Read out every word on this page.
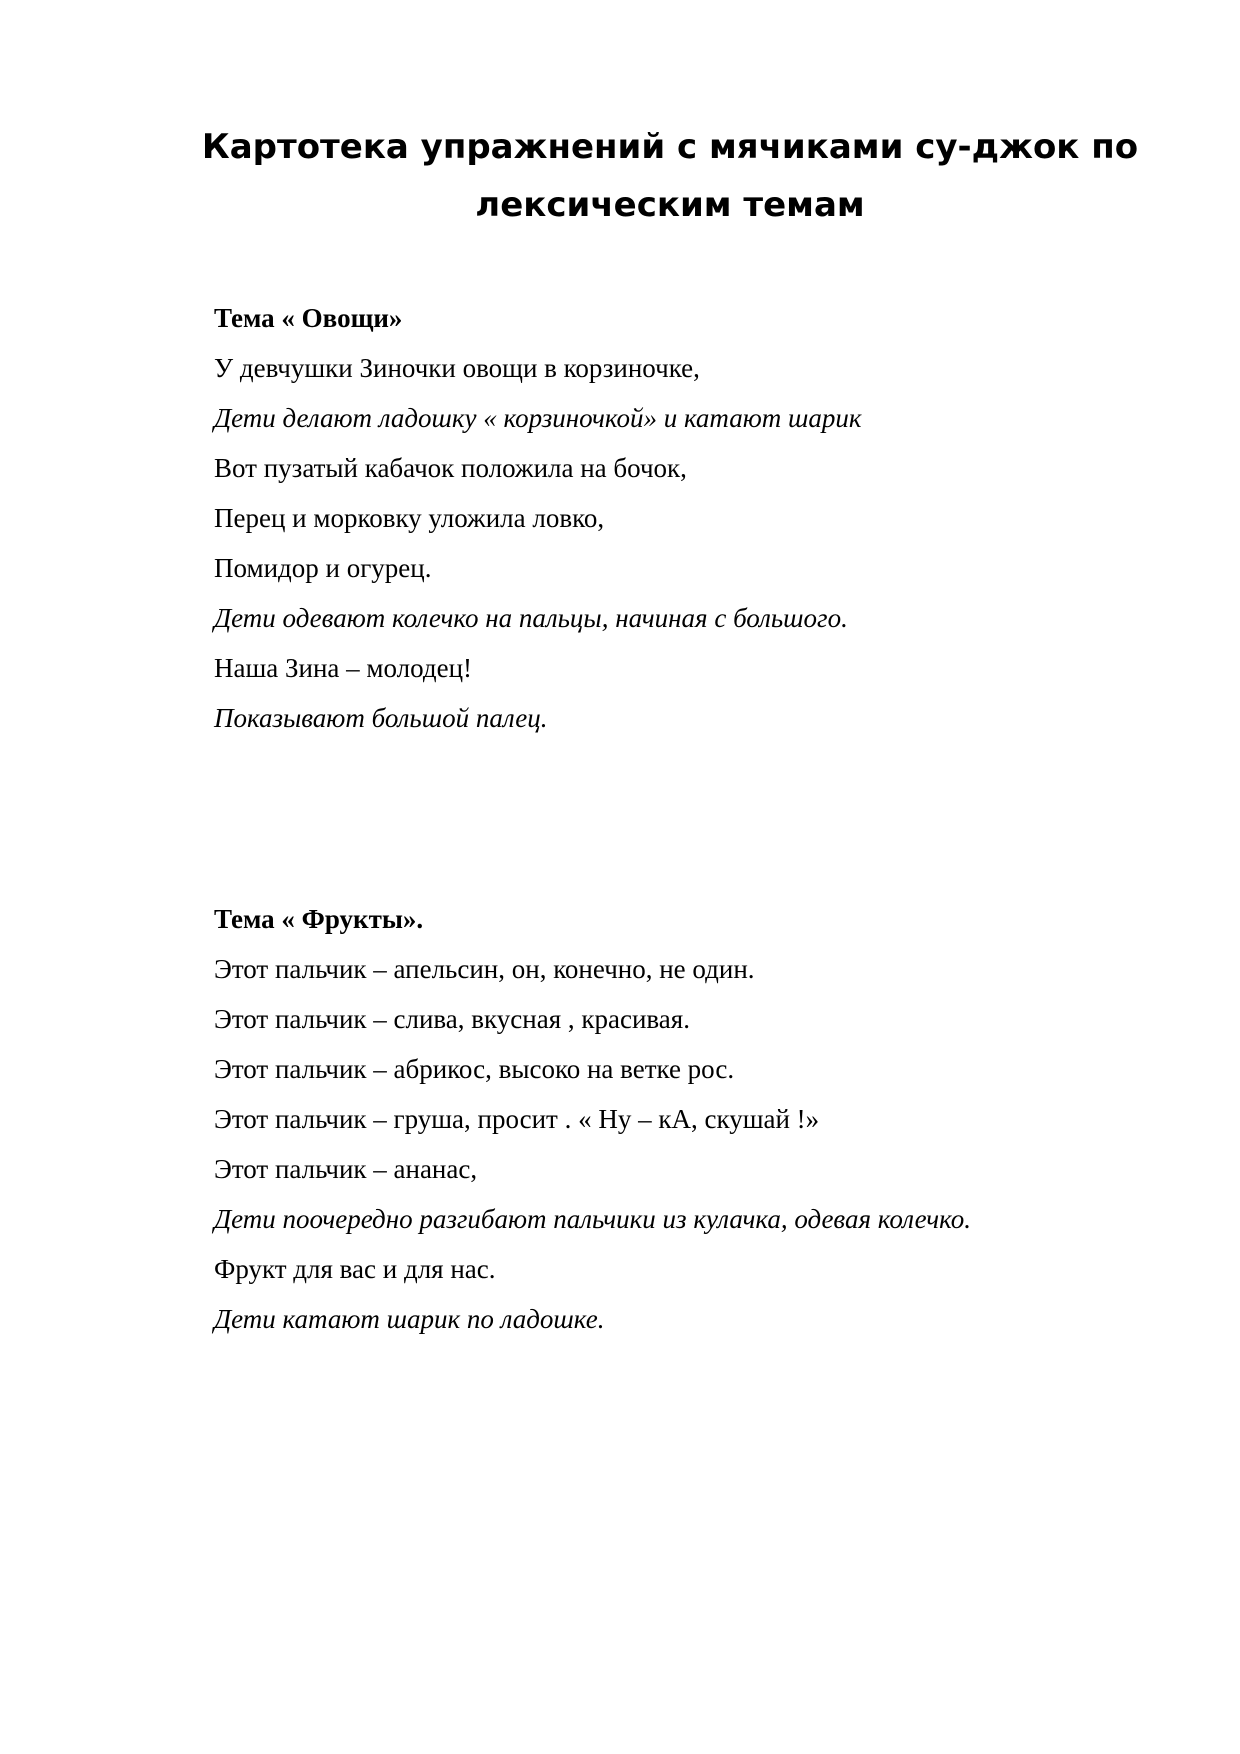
Картотека упражнений с мячиками су-джок по
лексическим темам

Тема « Овощи»

У девчушки Зиночки овощи в корзиночке,

Дети делают ладошку « корзиночкой» и катают шарик

Вот пузатый кабачок положила на бочок,

Перец и морковку уложила ловко,

Помидор и огурец.

Дети одевают колечко на пальцы, начиная с большого.

Наша Зина – молодец!

Показывают большой палец.

Тема « Фрукты».

Этот пальчик – апельсин, он, конечно, не один.

Этот пальчик – слива, вкусная , красивая.

Этот пальчик – абрикос, высоко на ветке рос.

Этот пальчик – груша, просит . « Ну – кА, скушай !»

Этот пальчик – ананас,

Дети поочередно разгибают пальчики из кулачка, одевая колечко.

Фрукт для вас и для нас.

Дети катают шарик по ладошке.
